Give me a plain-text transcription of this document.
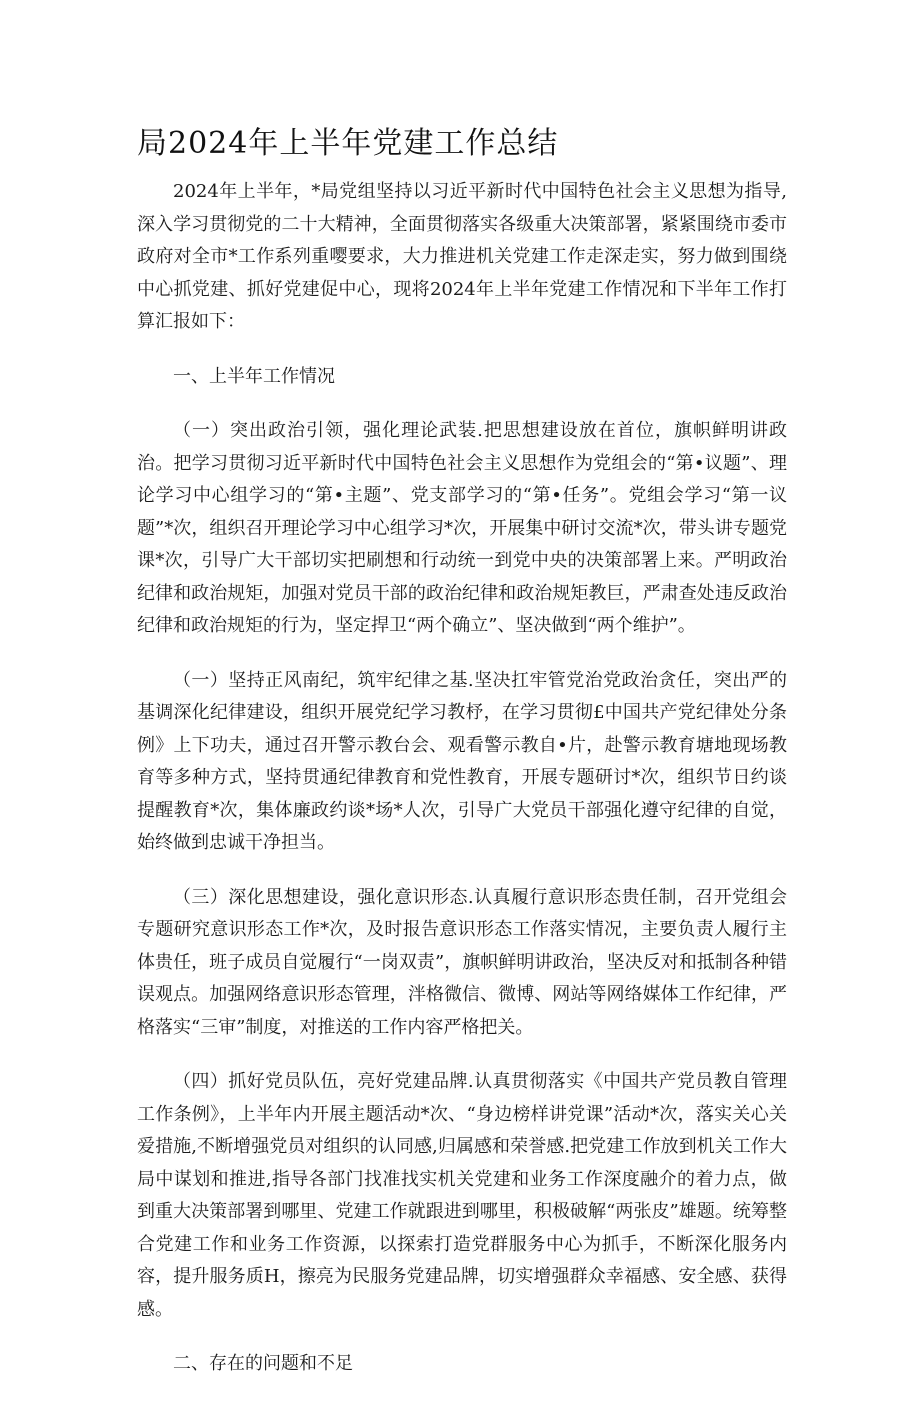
局2024年上半年党建工作总结

2024年上半年，*局党组坚持以习近平新时代中国特色社会主义思想为指导,深入学习贯彻党的二十大精神，全面贯彻落实各级重大决策部署，紧紧围绕市委市政府对全市*工作系列重嘤要求，大力推进机关党建工作走深走实，努力做到围绕中心抓党建、抓好党建促中心，现将2024年上半年党建工作情况和下半年工作打算汇报如下：

一、上半年工作情况

（一）突出政治引领，强化理论武装.把思想建设放在首位，旗帜鲜明讲政治。把学习贯彻习近平新时代中国特色社会主义思想作为党组会的“第•议题”、理论学习中心组学习的“第•主题”、党支部学习的“第•任务”。党组会学习“第一议题”*次，组织召开理论学习中心组学习*次，开展集中研讨交流*次，带头讲专题党课*次，引导广大干部切实把刷想和行动统一到党中央的决策部署上来。严明政治纪律和政治规矩，加强对党员干部的政治纪律和政治规矩教巨，严肃查处违反政治纪律和政治规矩的行为，坚定捍卫“两个确立”、坚决做到“两个维护”。

（一）坚持正风南纪，筑牢纪律之基.坚决扛牢管党治党政治贪任，突出严的基调深化纪律建设，组织开展党纪学习教杼，在学习贯彻£中国共产党纪律处分条例》上下功夫，通过召开警示教台会、观看警示教自•片，赴警示教育塘地现场教育等多种方式，坚持贯通纪律教育和党性教育，开展专题研讨*次，组织节日约谈提醒教育*次，集体廉政约谈*场*人次，引导广大党员干部强化遵守纪律的自觉，始终做到忠诚干净担当。

（三）深化思想建设，强化意识形态.认真履行意识形态贵任制，召开党组会专题研究意识形态工作*次，及时报告意识形态工作落实情况，主要负责人履行主体贵任，班子成员自觉履行“一岗双责”，旗帜鲜明讲政治，坚决反对和抵制各种错误观点。加强网络意识形态管理，泮格微信、微博、网站等网络媒体工作纪律，严格落实“三审”制度，对推送的工作内容严格把关。

（四）抓好党员队伍，亮好党建品牌.认真贯彻落实《中国共产党员教自管理工作条例》，上半年内开展主题活动*次、“身边榜样讲党课”活动*次，落实关心关爱措施,不断增强党员对组织的认同感,归属感和荣誉感.把党建工作放到机关工作大局中谋划和推进,指导各部门找准找实机关党建和业务工作深度融介的着力点，做到重大决策部署到哪里、党建工作就跟进到哪里，积极破解“两张皮”雄题。统筹整合党建工作和业务工作资源，以探索打造党群服务中心为抓手，不断深化服务内容，提升服务质H，擦亮为民服务党建品牌，切实增强群众幸福感、安全感、获得感。

二、存在的问题和不足
